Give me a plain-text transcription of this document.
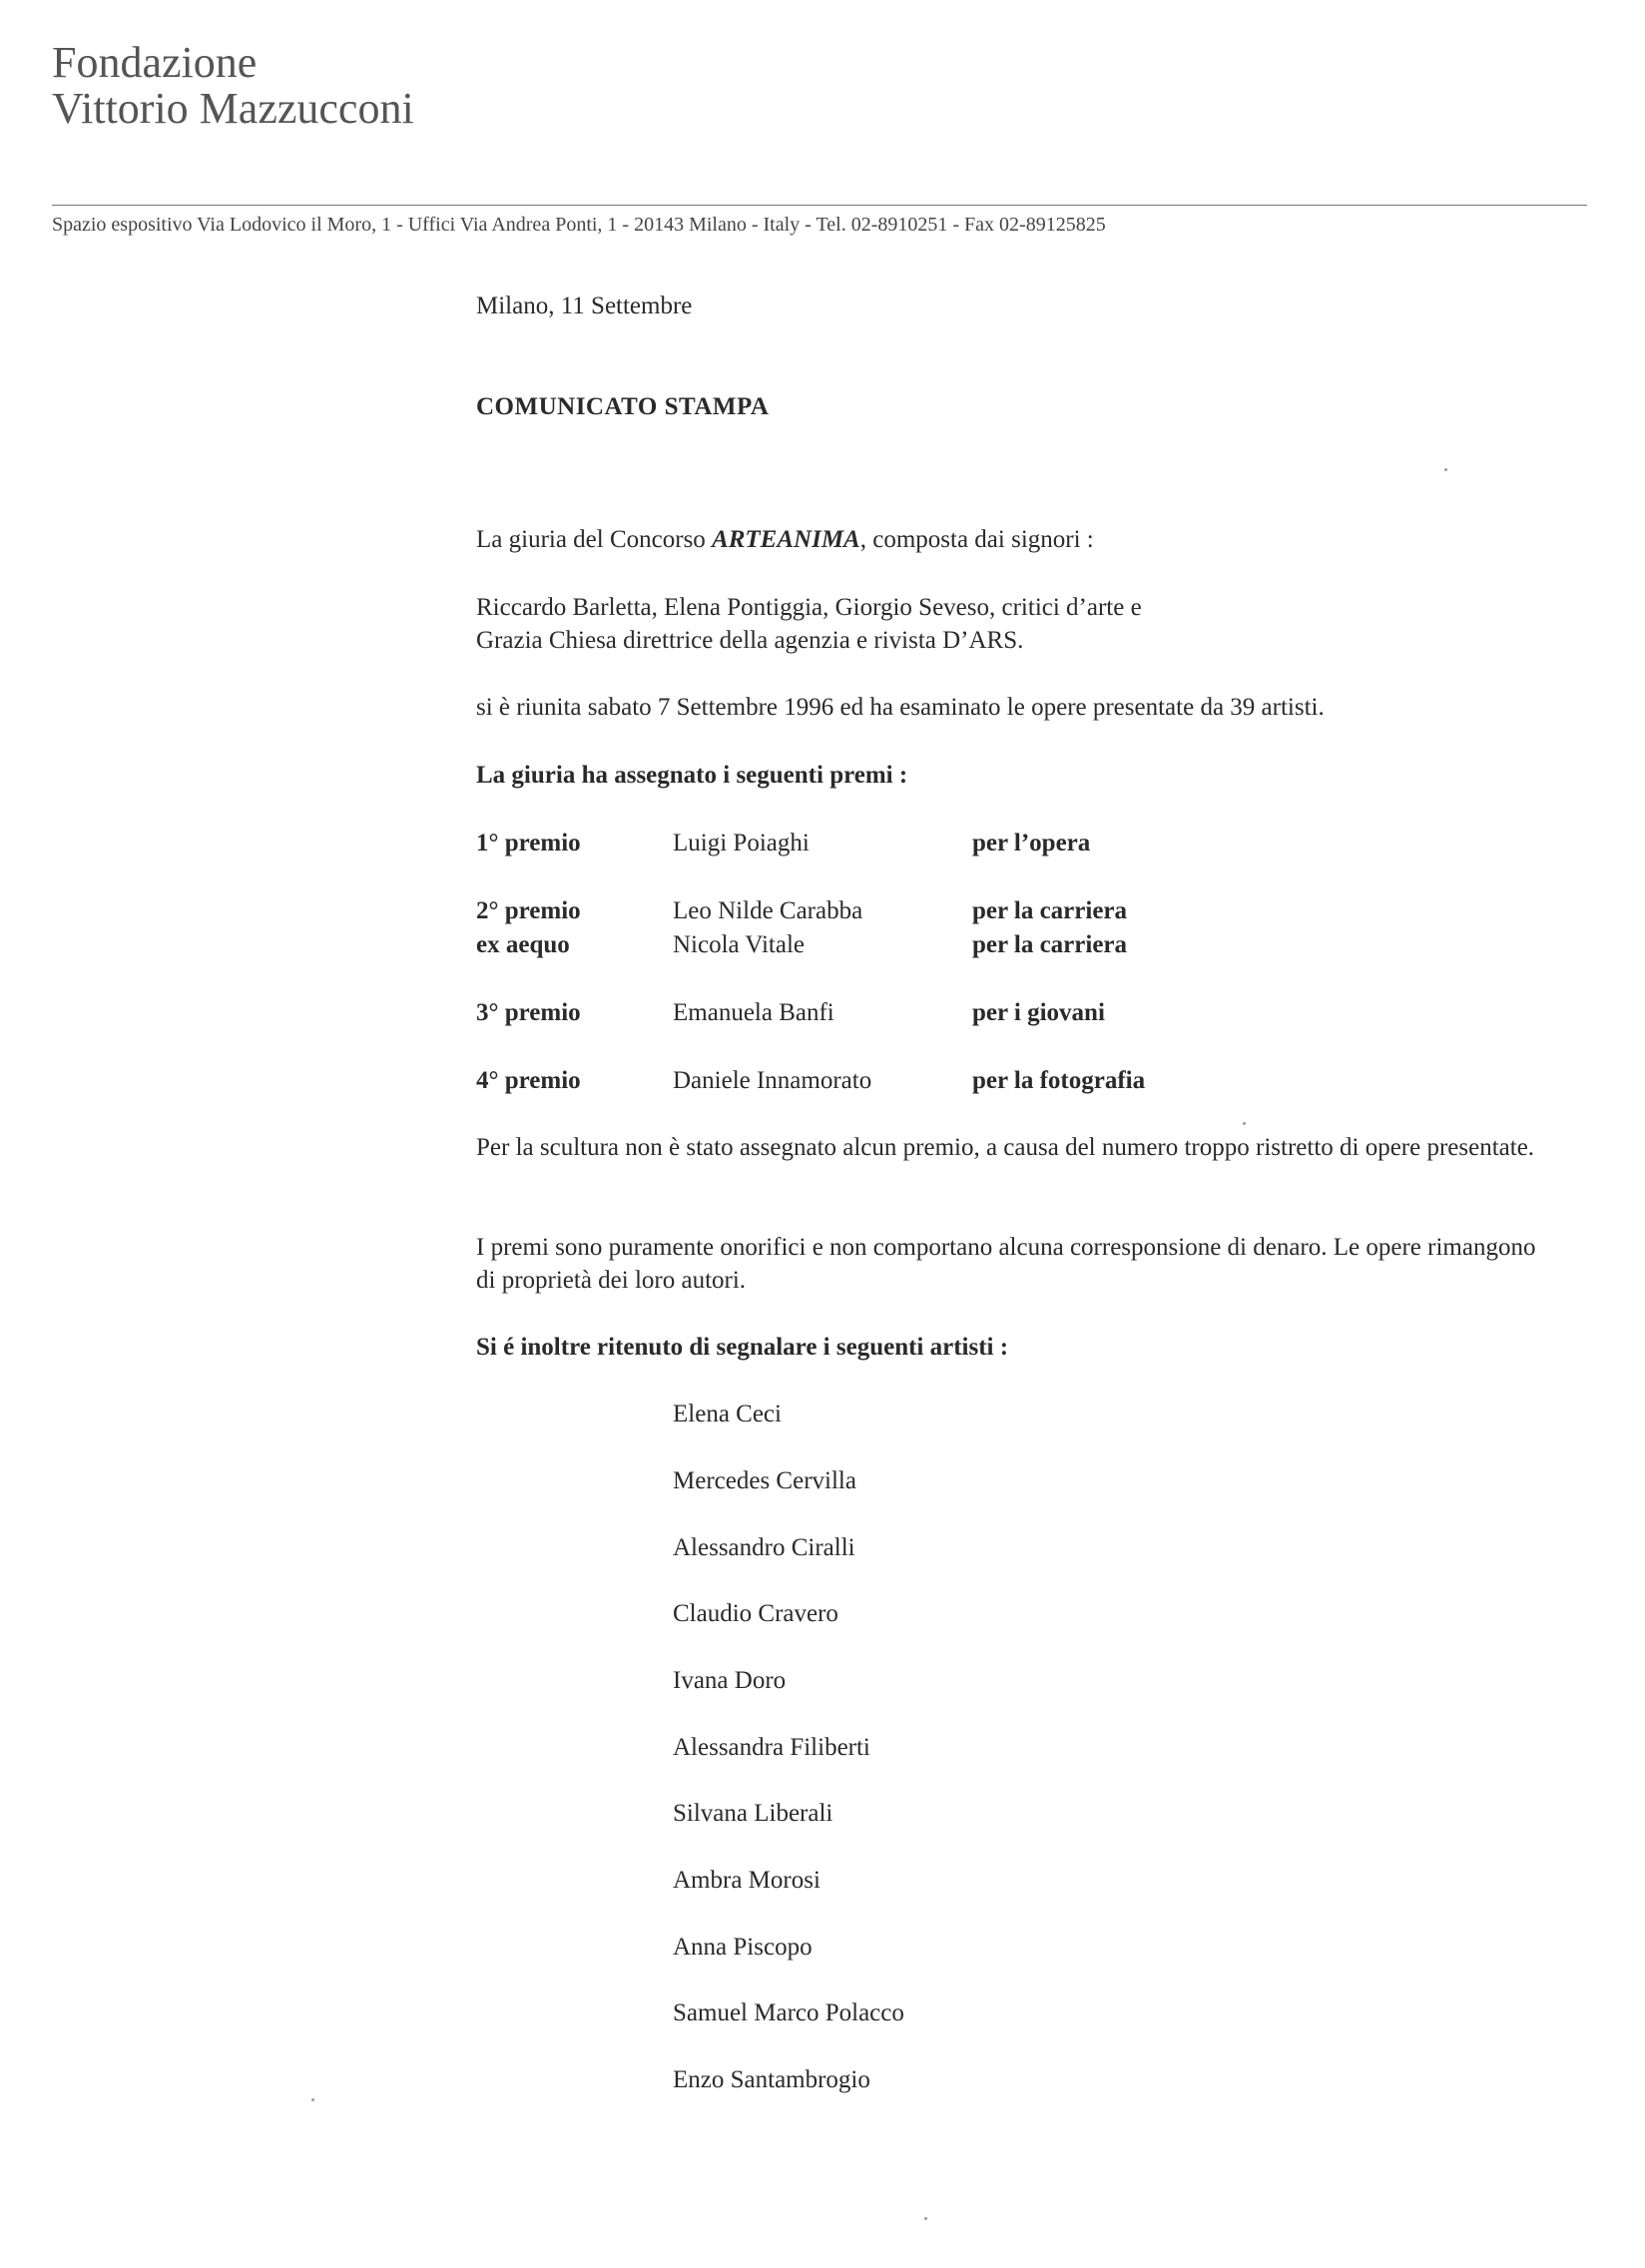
Fondazione
Vittorio Mazzucconi
Spazio espositivo Via Lodovico il Moro, 1 - Uffici Via Andrea Ponti, 1 - 20143 Milano - Italy - Tel. 02-8910251 - Fax 02-89125825
Milano, 11 Settembre
COMUNICATO STAMPA
La giuria del Concorso ARTEANIMA, composta dai signori :
Riccardo Barletta, Elena Pontiggia, Giorgio Seveso, critici d’arte e
Grazia Chiesa direttrice della agenzia e rivista D’ARS.
si è riunita sabato 7 Settembre 1996 ed ha esaminato le opere presentate da 39 artisti.
La giuria ha assegnato i seguenti premi :
1° premio	Luigi Poiaghi	per l’opera
2° premio	Leo Nilde Carabba	per la carriera
ex aequo	Nicola Vitale	per la carriera
3° premio	Emanuela Banfi	per i giovani
4° premio	Daniele Innamorato	per la fotografia
Per la scultura non è stato assegnato alcun premio, a causa del numero troppo ristretto di opere presentate.
I premi sono puramente onorifici e non comportano alcuna corresponsione di denaro. Le opere rimangono di proprietà dei loro autori.
Si é inoltre ritenuto di segnalare i seguenti artisti :
Elena Ceci
Mercedes Cervilla
Alessandro Ciralli
Claudio Cravero
Ivana Doro
Alessandra Filiberti
Silvana Liberali
Ambra Morosi
Anna Piscopo
Samuel Marco Polacco
Enzo Santambrogio
